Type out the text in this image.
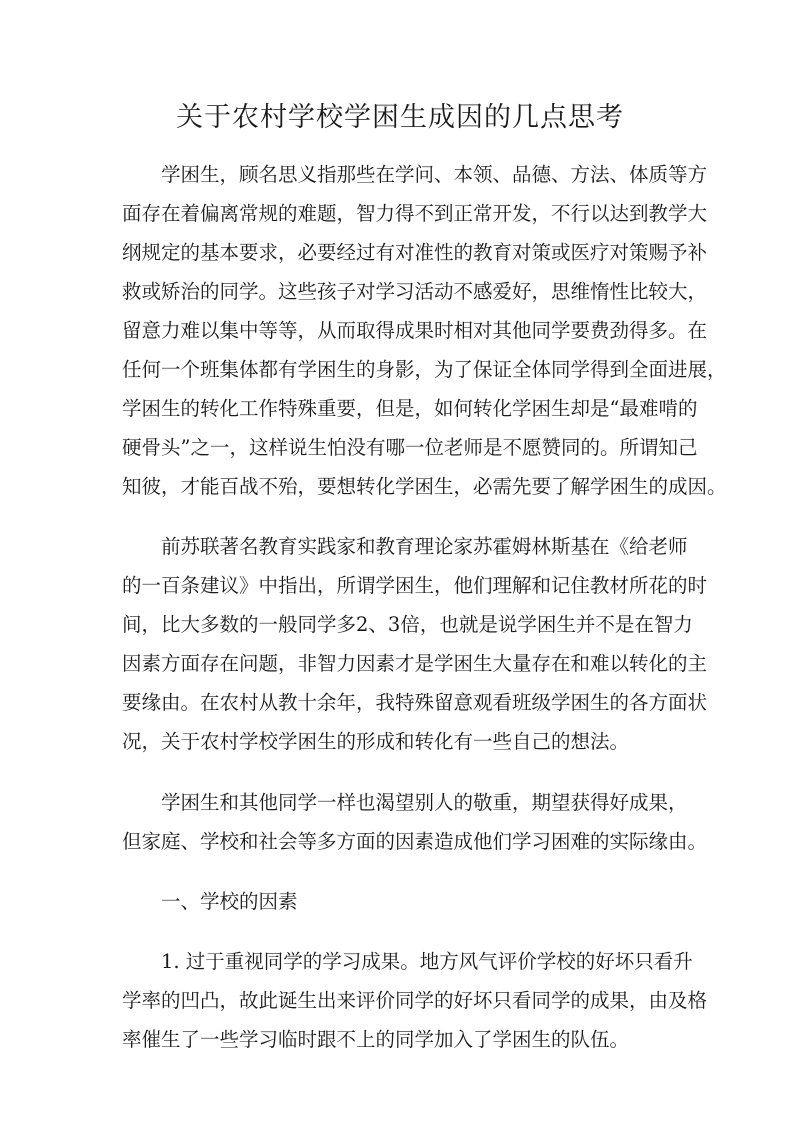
关于农村学校学困生成因的几点思考
学困生，顾名思义指那些在学问、本领、品德、方法、体质等方
面存在着偏离常规的难题，智力得不到正常开发，不行以达到教学大
纲规定的基本要求，必要经过有对准性的教育对策或医疗对策赐予补
救或矫治的同学。这些孩子对学习活动不感爱好，思维惰性比较大，
留意力难以集中等等，从而取得成果时相对其他同学要费劲得多。在
任何一个班集体都有学困生的身影，为了保证全体同学得到全面进展，
学困生的转化工作特殊重要，但是，如何转化学困生却是“最难啃的
硬骨头”之一，这样说生怕没有哪一位老师是不愿赞同的。所谓知己
知彼，才能百战不殆，要想转化学困生，必需先要了解学困生的成因。
前苏联著名教育实践家和教育理论家苏霍姆林斯基在《给老师
的一百条建议》中指出，所谓学困生，他们理解和记住教材所花的时
间，比大多数的一般同学多2、3倍，也就是说学困生并不是在智力
因素方面存在问题，非智力因素才是学困生大量存在和难以转化的主
要缘由。在农村从教十余年，我特殊留意观看班级学困生的各方面状
况，关于农村学校学困生的形成和转化有一些自己的想法。
学困生和其他同学一样也渴望别人的敬重，期望获得好成果，
但家庭、学校和社会等多方面的因素造成他们学习困难的实际缘由。
一、学校的因素
1. 过于重视同学的学习成果。地方风气评价学校的好坏只看升
学率的凹凸，故此诞生出来评价同学的好坏只看同学的成果，由及格
率催生了一些学习临时跟不上的同学加入了学困生的队伍。
